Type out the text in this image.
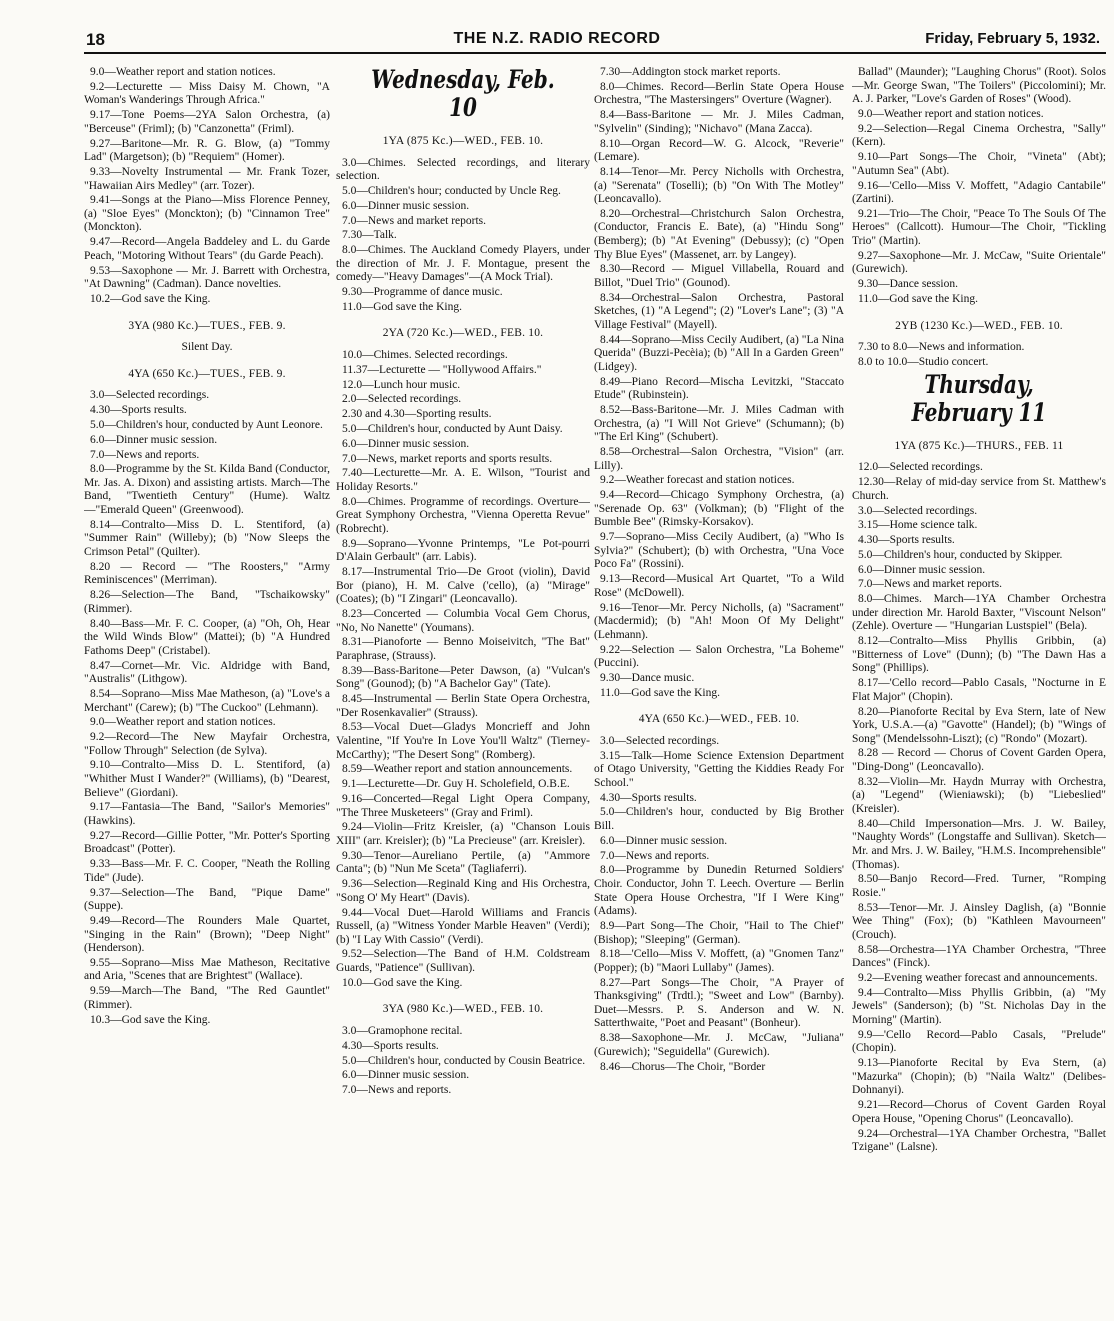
18	THE N.Z. RADIO RECORD	Friday, February 5, 1932.

9.0—Weather report and station notices.

9.2—Lecturette — Miss Daisy M. Chown, "A Woman's Wanderings Through Africa."

9.17—Tone Poems—2YA Salon Orchestra, (a) "Berceuse" (Friml); (b) "Canzonetta" (Friml).

9.27—Baritone—Mr. R. G. Blow, (a) "Tommy Lad" (Margetson); (b) "Requiem" (Homer).

9.33—Novelty Instrumental — Mr. Frank Tozer, "Hawaiian Airs Medley" (arr. Tozer).

9.41—Songs at the Piano—Miss Florence Penney, (a) "Sloe Eyes" (Monckton); (b) "Cinnamon Tree" (Monckton).

9.47—Record—Angela Baddeley and L. du Garde Peach, "Motoring Without Tears" (du Garde Peach).

9.53—Saxophone — Mr. J. Barrett with Orchestra, "At Dawning" (Cadman). Dance novelties.

10.2—God save the King.

3YA (980 Kc.)—TUES., FEB. 9.

Silent Day.

4YA (650 Kc.)—TUES., FEB. 9.

3.0—Selected recordings.

4.30—Sports results.

5.0—Children's hour, conducted by Aunt Leonore.

6.0—Dinner music session.

7.0—News and reports.

8.0—Programme by the St. Kilda Band (Conductor, Mr. Jas. A. Dixon) and assisting artists. March—The Band, "Twentieth Century" (Hume). Waltz—"Emerald Queen" (Greenwood).

8.14—Contralto—Miss D. L. Stentiford, (a) "Summer Rain" (Willeby); (b) "Now Sleeps the Crimson Petal" (Quilter).

8.20 — Record — "The Roosters," "Army Reminiscences" (Merriman).

8.26—Selection—The Band, "Tschaikowsky" (Rimmer).

8.40—Bass—Mr. F. C. Cooper, (a) "Oh, Oh, Hear the Wild Winds Blow" (Mattei); (b) "A Hundred Fathoms Deep" (Cristabel).

8.47—Cornet—Mr. Vic. Aldridge with Band, "Australis" (Lithgow).

8.54—Soprano—Miss Mae Matheson, (a) "Love's a Merchant" (Carew); (b) "The Cuckoo" (Lehmann).

9.0—Weather report and station notices.

9.2—Record—The New Mayfair Orchestra, "Follow Through" Selection (de Sylva).

9.10—Contralto—Miss D. L. Stentiford, (a) "Whither Must I Wander?" (Williams), (b) "Dearest, Believe" (Giordani).

9.17—Fantasia—The Band, "Sailor's Memories" (Hawkins).

9.27—Record—Gillie Potter, "Mr. Potter's Sporting Broadcast" (Potter).

9.33—Bass—Mr. F. C. Cooper, "Neath the Rolling Tide" (Jude).

9.37—Selection—The Band, "Pique Dame" (Suppe).

9.49—Record—The Rounders Male Quartet, "Singing in the Rain" (Brown); "Deep Night" (Henderson).

9.55—Soprano—Miss Mae Matheson, Recitative and Aria, "Scenes that are Brightest" (Wallace).

9.59—March—The Band, "The Red Gauntlet" (Rimmer).

10.3—God save the King.

Wednesday, Feb. 10

1YA (875 Kc.)—WED., FEB. 10.

3.0—Chimes. Selected recordings, and literary selection.

5.0—Children's hour; conducted by Uncle Reg.

6.0—Dinner music session.

7.0—News and market reports.

7.30—Talk.

8.0—Chimes. The Auckland Comedy Players, under the direction of Mr. J. F. Montague, present the comedy—"Heavy Damages"—(A Mock Trial).

9.30—Programme of dance music.

11.0—God save the King.

2YA (720 Kc.)—WED., FEB. 10.

10.0—Chimes. Selected recordings.

11.37—Lecturette — "Hollywood Affairs."

12.0—Lunch hour music.

2.0—Selected recordings.

2.30 and 4.30—Sporting results.

5.0—Children's hour, conducted by Aunt Daisy.

6.0—Dinner music session.

7.0—News, market reports and sports results.

7.40—Lecturette—Mr. A. E. Wilson, "Tourist and Holiday Resorts."

8.0—Chimes. Programme of recordings. Overture—Great Symphony Orchestra, "Vienna Operetta Revue" (Robrecht).

8.9—Soprano—Yvonne Printemps, "Le Pot-pourri D'Alain Gerbault" (arr. Labis).

8.17—Instrumental Trio—De Groot (violin), David Bor (piano), H. M. Calve ('cello), (a) "Mirage" (Coates); (b) "I Zingari" (Leoncavallo).

8.23—Concerted — Columbia Vocal Gem Chorus, "No, No Nanette" (Youmans).

8.31—Pianoforte — Benno Moiseivitch, "The Bat" Paraphrase, (Strauss).

8.39—Bass-Baritone—Peter Dawson, (a) "Vulcan's Song" (Gounod); (b) "A Bachelor Gay" (Tate).

8.45—Instrumental — Berlin State Opera Orchestra, "Der Rosenkavalier" (Strauss).

8.53—Vocal Duet—Gladys Moncrieff and John Valentine, "If You're In Love You'll Waltz" (Tierney-McCarthy); "The Desert Song" (Romberg).

8.59—Weather report and station announcements.

9.1—Lecturette—Dr. Guy H. Scholefield, O.B.E.

9.16—Concerted—Regal Light Opera Company, "The Three Musketeers" (Gray and Friml).

9.24—Violin—Fritz Kreisler, (a) "Chanson Louis XIII" (arr. Kreisler); (b) "La Precieuse" (arr. Kreisler).

9.30—Tenor—Aureliano Pertile, (a) "Ammore Canta"; (b) "Nun Me Sceta" (Tagliaferri).

9.36—Selection—Reginald King and His Orchestra, "Song O' My Heart" (Davis).

9.44—Vocal Duet—Harold Williams and Francis Russell, (a) "Witness Yonder Marble Heaven" (Verdi); (b) "I Lay With Cassio" (Verdi).

9.52—Selection—The Band of H.M. Coldstream Guards, "Patience" (Sullivan).

10.0—God save the King.

3YA (980 Kc.)—WED., FEB. 10.

3.0—Gramophone recital.

4.30—Sports results.

5.0—Children's hour, conducted by Cousin Beatrice.

6.0—Dinner music session.

7.0—News and reports.

7.30—Addington stock market reports.

8.0—Chimes. Record—Berlin State Opera House Orchestra, "The Mastersingers" Overture (Wagner).

8.4—Bass-Baritone — Mr. J. Miles Cadman, "Sylvelin" (Sinding); "Nichavo" (Mana Zacca).

8.10—Organ Record—W. G. Alcock, "Reverie" (Lemare).

8.14—Tenor—Mr. Percy Nicholls with Orchestra, (a) "Serenata" (Toselli); (b) "On With The Motley" (Leoncavallo).

8.20—Orchestral—Christchurch Salon Orchestra, (Conductor, Francis E. Bate), (a) "Hindu Song" (Bemberg); (b) "At Evening" (Debussy); (c) "Open Thy Blue Eyes" (Massenet, arr. by Langey).

8.30—Record — Miguel Villabella, Rouard and Billot, "Duel Trio" (Gounod).

8.34—Orchestral—Salon Orchestra, Pastoral Sketches, (1) "A Legend"; (2) "Lover's Lane"; (3) "A Village Festival" (Mayell).

8.44—Soprano—Miss Cecily Audibert, (a) "La Nina Querida" (Buzzi-Pecèia); (b) "All In a Garden Green" (Lidgey).

8.49—Piano Record—Mischa Levitzki, "Staccato Etude" (Rubinstein).

8.52—Bass-Baritone—Mr. J. Miles Cadman with Orchestra, (a) "I Will Not Grieve" (Schumann); (b) "The Erl King" (Schubert).

8.58—Orchestral—Salon Orchestra, "Vision" (arr. Lilly).

9.2—Weather forecast and station notices.

9.4—Record—Chicago Symphony Orchestra, (a) "Serenade Op. 63" (Volkman); (b) "Flight of the Bumble Bee" (Rimsky-Korsakov).

9.7—Soprano—Miss Cecily Audibert, (a) "Who Is Sylvia?" (Schubert); (b) with Orchestra, "Una Voce Poco Fa" (Rossini).

9.13—Record—Musical Art Quartet, "To a Wild Rose" (McDowell).

9.16—Tenor—Mr. Percy Nicholls, (a) "Sacrament" (Macdermid); (b) "Ah! Moon Of My Delight" (Lehmann).

9.22—Selection — Salon Orchestra, "La Boheme" (Puccini).

9.30—Dance music.

11.0—God save the King.

4YA (650 Kc.)—WED., FEB. 10.

3.0—Selected recordings.

3.15—Talk—Home Science Extension Department of Otago University, "Getting the Kiddies Ready For School."

4.30—Sports results.

5.0—Children's hour, conducted by Big Brother Bill.

6.0—Dinner music session.

7.0—News and reports.

8.0—Programme by Dunedin Returned Soldiers' Choir. Conductor, John T. Leech. Overture — Berlin State Opera House Orchestra, "If I Were King" (Adams).

8.9—Part Song—The Choir, "Hail to The Chief" (Bishop); "Sleeping" (German).

8.18—'Cello—Miss V. Moffett, (a) "Gnomen Tanz" (Popper); (b) "Maori Lullaby" (James).

8.27—Part Songs—The Choir, "A Prayer of Thanksgiving" (Trdtl.); "Sweet and Low" (Barnby). Duet—Messrs. P. S. Anderson and W. N. Satterthwaite, "Poet and Peasant" (Bonheur).

8.38—Saxophone—Mr. J. McCaw, "Juliana" (Gurewich); "Seguidella" (Gurewich).

8.46—Chorus—The Choir, "Border

Ballad" (Maunder); "Laughing Chorus" (Root). Solos—Mr. George Swan, "The Toilers" (Piccolomini); Mr. A. J. Parker, "Love's Garden of Roses" (Wood).

9.0—Weather report and station notices.

9.2—Selection—Regal Cinema Orchestra, "Sally" (Kern).

9.10—Part Songs—The Choir, "Vineta" (Abt); "Autumn Sea" (Abt).

9.16—'Cello—Miss V. Moffett, "Adagio Cantabile" (Zartini).

9.21—Trio—The Choir, "Peace To The Souls Of The Heroes" (Callcott). Humour—The Choir, "Tickling Trio" (Martin).

9.27—Saxophone—Mr. J. McCaw, "Suite Orientale" (Gurewich).

9.30—Dance session.

11.0—God save the King.

2YB (1230 Kc.)—WED., FEB. 10.

7.30 to 8.0—News and information.

8.0 to 10.0—Studio concert.

Thursday, February 11

1YA (875 Kc.)—THURS., FEB. 11

12.0—Selected recordings.

12.30—Relay of mid-day service from St. Matthew's Church.

3.0—Selected recordings.

3.15—Home science talk.

4.30—Sports results.

5.0—Children's hour, conducted by Skipper.

6.0—Dinner music session.

7.0—News and market reports.

8.0—Chimes. March—1YA Chamber Orchestra under direction Mr. Harold Baxter, "Viscount Nelson" (Zehle). Overture — "Hungarian Lustspiel" (Bela).

8.12—Contralto—Miss Phyllis Gribbin, (a) "Bitterness of Love" (Dunn); (b) "The Dawn Has a Song" (Phillips).

8.17—'Cello record—Pablo Casals, "Nocturne in E Flat Major" (Chopin).

8.20—Pianoforte Recital by Eva Stern, late of New York, U.S.A.—(a) "Gavotte" (Handel); (b) "Wings of Song" (Mendelssohn-Liszt); (c) "Rondo" (Mozart).

8.28 — Record — Chorus of Covent Garden Opera, "Ding-Dong" (Leoncavallo).

8.32—Violin—Mr. Haydn Murray with Orchestra, (a) "Legend" (Wieniawski); (b) "Liebeslied" (Kreisler).

8.40—Child Impersonation—Mrs. J. W. Bailey, "Naughty Words" (Longstaffe and Sullivan). Sketch—Mr. and Mrs. J. W. Bailey, "H.M.S. Incomprehensible" (Thomas).

8.50—Banjo Record—Fred. Turner, "Romping Rosie."

8.53—Tenor—Mr. J. Ainsley Daglish, (a) "Bonnie Wee Thing" (Fox); (b) "Kathleen Mavourneen" (Crouch).

8.58—Orchestra—1YA Chamber Orchestra, "Three Dances" (Finck).

9.2—Evening weather forecast and announcements.

9.4—Contralto—Miss Phyllis Gribbin, (a) "My Jewels" (Sanderson); (b) "St. Nicholas Day in the Morning" (Martin).

9.9—'Cello Record—Pablo Casals, "Prelude" (Chopin).

9.13—Pianoforte Recital by Eva Stern, (a) "Mazurka" (Chopin); (b) "Naila Waltz" (Delibes-Dohnanyi).

9.21—Record—Chorus of Covent Garden Royal Opera House, "Opening Chorus" (Leoncavallo).

9.24—Orchestral—1YA Chamber Orchestra, "Ballet Tzigane" (Lalsne).
